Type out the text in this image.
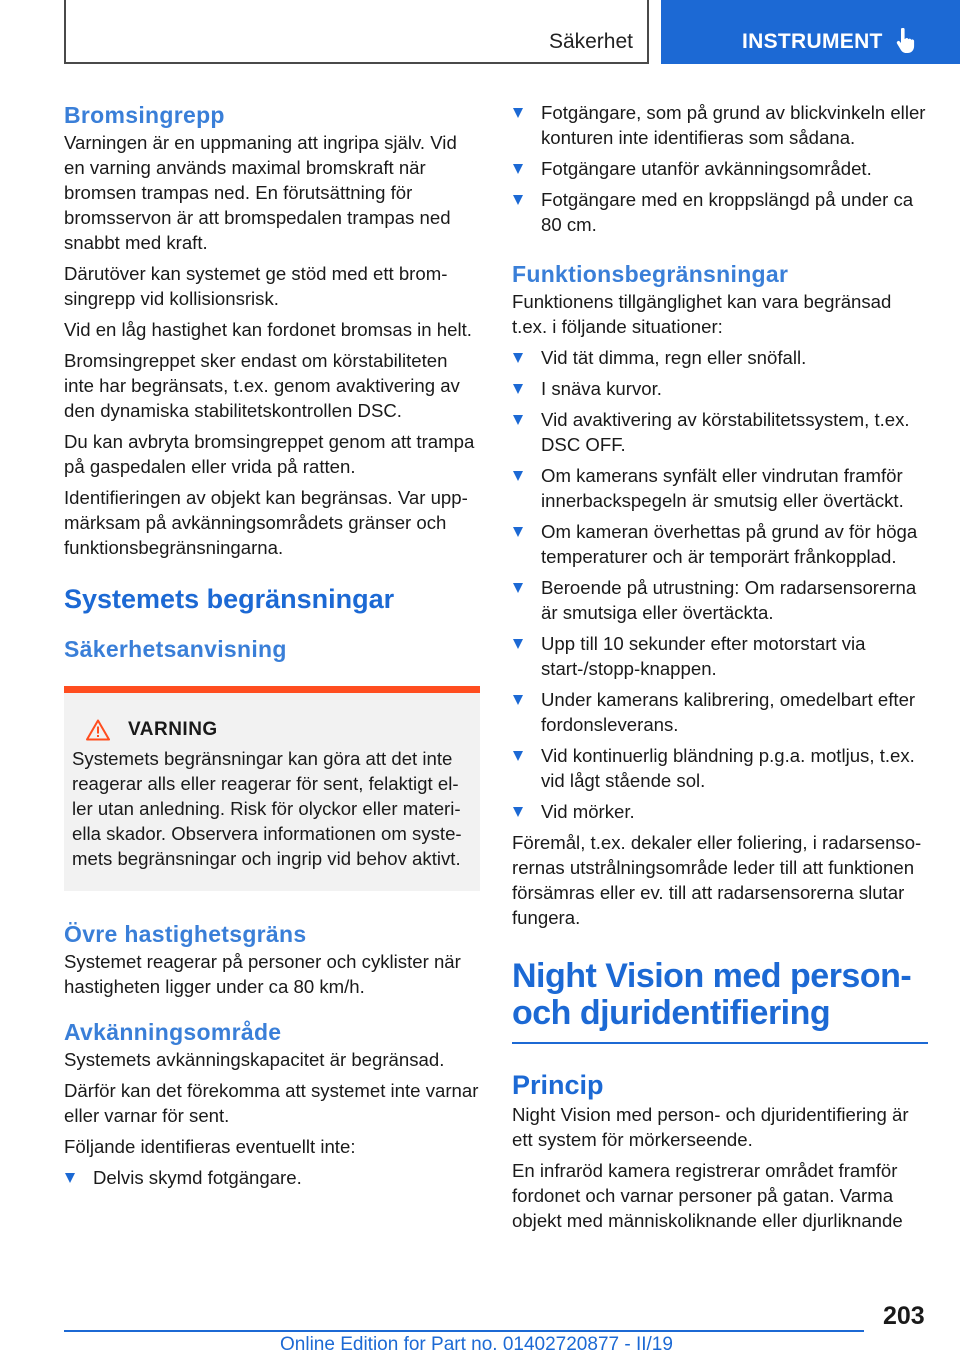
Säkerhet	INSTRUMENT
Bromsingrepp

Varningen är en uppmaning att ingripa själv. Vid en varning används maximal bromskraft när bromsen trampas ned. En förutsättning för bromsservon är att bromspedalen trampas ned snabbt med kraft.

Därutöver kan systemet ge stöd med ett bromsingrepp vid kollisionsrisk.

Vid en låg hastighet kan fordonet bromsas in helt.

Bromsingreppet sker endast om körstabiliteten inte har begränsats, t.ex. genom avaktivering av den dynamiska stabilitetskontrollen DSC.

Du kan avbryta bromsingreppet genom att trampa på gaspedalen eller vrida på ratten.

Identifieringen av objekt kan begränsas. Var uppmärksam på avkänningsområdets gränser och funktionsbegränsningarna.

Systemets begränsningar
Säkerhetsanvisning
VARNING

Systemets begränsningar kan göra att det inte reagerar alls eller reagerar för sent, felaktigt eller utan anledning. Risk för olyckor eller materiella skador. Observera informationen om systemets begränsningar och ingrip vid behov aktivt.

Övre hastighetsgräns

Systemet reagerar på personer och cyklister när hastigheten ligger under ca 80 km/h.

Avkänningsområde

Systemets avkänningskapacitet är begränsad.

Därför kan det förekomma att systemet inte varnar eller varnar för sent.

Följande identifieras eventuellt inte:

Delvis skymd fotgängare.
Fotgängare, som på grund av blickvinkeln eller konturen inte identifieras som sådana.
Fotgängare utanför avkänningsområdet.
Fotgängare med en kroppslängd på under ca 80 cm.
Funktionsbegränsningar

Funktionens tillgänglighet kan vara begränsad t.ex. i följande situationer:

Vid tät dimma, regn eller snöfall.
I snäva kurvor.
Vid avaktivering av körstabilitetssystem, t.ex. DSC OFF.
Om kamerans synfält eller vindrutan framför innerbackspegeln är smutsig eller övertäckt.
Om kameran överhettas på grund av för höga temperaturer och är temporärt frånkopplad.
Beroende på utrustning: Om radarsensorerna är smutsiga eller övertäckta.
Upp till 10 sekunder efter motorstart via start-/stopp-knappen.
Under kamerans kalibrering, omedelbart efter fordonsleverans.
Vid kontinuerlig bländning p.g.a. motljus, t.ex. vid lågt stående sol.
Vid mörker.

Föremål, t.ex. dekaler eller foliering, i radarsensorernas utstrålningsområde leder till att funktionen försämras eller ev. till att radarsensorerna slutar fungera.

Night Vision med person-
och djuridentifiering
Princip

Night Vision med person- och djuridentifiering är ett system för mörkerseende.

En infraröd kamera registrerar området framför fordonet och varnar personer på gatan. Varma objekt med människoliknande eller djurliknande

203
Online Edition for Part no. 01402720877 - II/19
